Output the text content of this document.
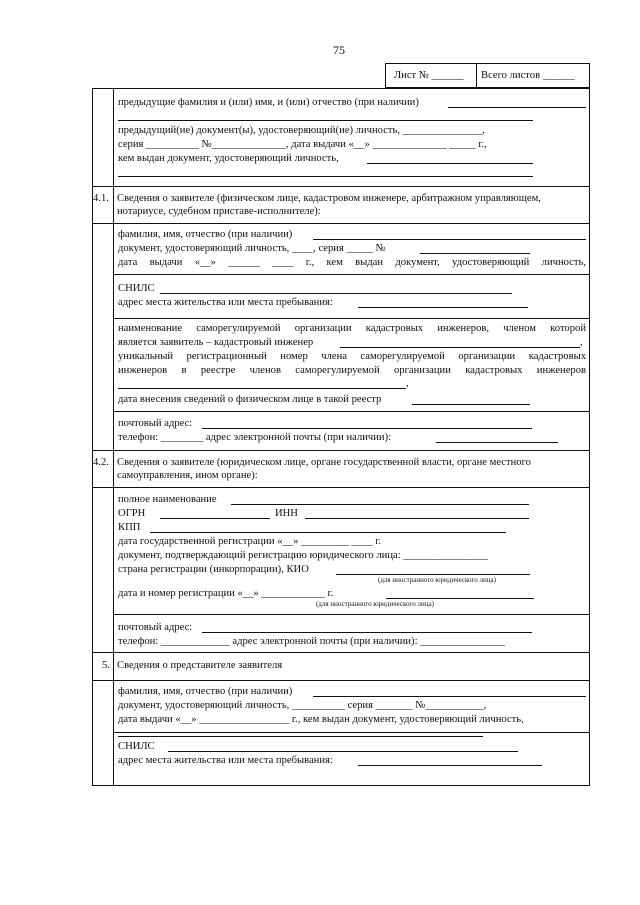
75
Лист № ______ Всего листов ______
предыдущие фамилия и (или) имя, и (или) отчество (при наличии)
предыдущий(ие) документ(ы), удостоверяющий(ие) личность, _______________,
серия __________ №______________, дата выдачи «__» ______________ _____ г.,
кем выдан документ, удостоверяющий личность,
4.1. Сведения о заявителе (физическом лице, кадастровом инженере, арбитражном управляющем,
нотариусе, судебном приставе-исполнителе):
фамилия, имя, отчество (при наличии)
документ, удостоверяющий личность, ____, серия _____ №
дата выдачи «__» ______ ____ г., кем выдан документ, удостоверяющий личность,
СНИЛС
адрес места жительства или места пребывания:
наименование саморегулируемой организации кадастровых инженеров, членом которой
является заявитель – кадастровый инженер	,
уникальный регистрационный номер члена саморегулируемой организации кадастровых
инженеров в реестре членов саморегулируемой организации кадастровых инженеров
,
дата внесения сведений о физическом лице в такой реестр
почтовый адрес:
телефон: ________ адрес электронной почты (при наличии):
4.2. Сведения о заявителе (юридическом лице, органе государственной власти, органе местного
самоуправления, ином органе):
полное наименование
ОГРН	ИНН
КПП
дата государственной регистрации «__» _________ ____ г.
документ, подтверждающий регистрацию юридического лица: ________________
страна регистрации (инкорпорации), КИО
(для иностранного юридического лица)
дата и номер регистрации «__» ____________ г.
(для иностранного юридического лица)
почтовый адрес:
телефон: _____________ адрес электронной почты (при наличии): ________________
5. Сведения о представителе заявителя
фамилия, имя, отчество (при наличии)
документ, удостоверяющий личность, __________ серия _______ №___________,
дата выдачи «__» _________________ г., кем выдан документ, удостоверяющий личность,
СНИЛС
адрес места жительства или места пребывания:
